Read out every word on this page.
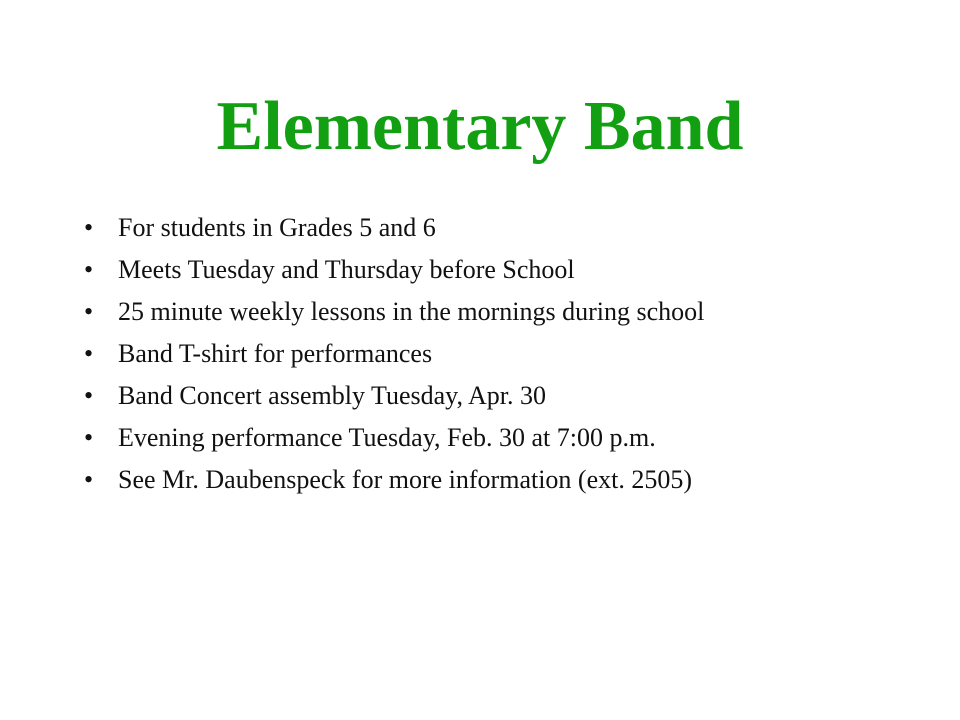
Elementary Band
• For students in Grades 5 and 6
• Meets Tuesday and Thursday before School
• 25 minute weekly lessons in the mornings during school
• Band T-shirt for performances
• Band Concert assembly Tuesday, Apr. 30
• Evening performance Tuesday, Feb. 30 at 7:00 p.m.
• See Mr. Daubenspeck for more information (ext. 2505)
